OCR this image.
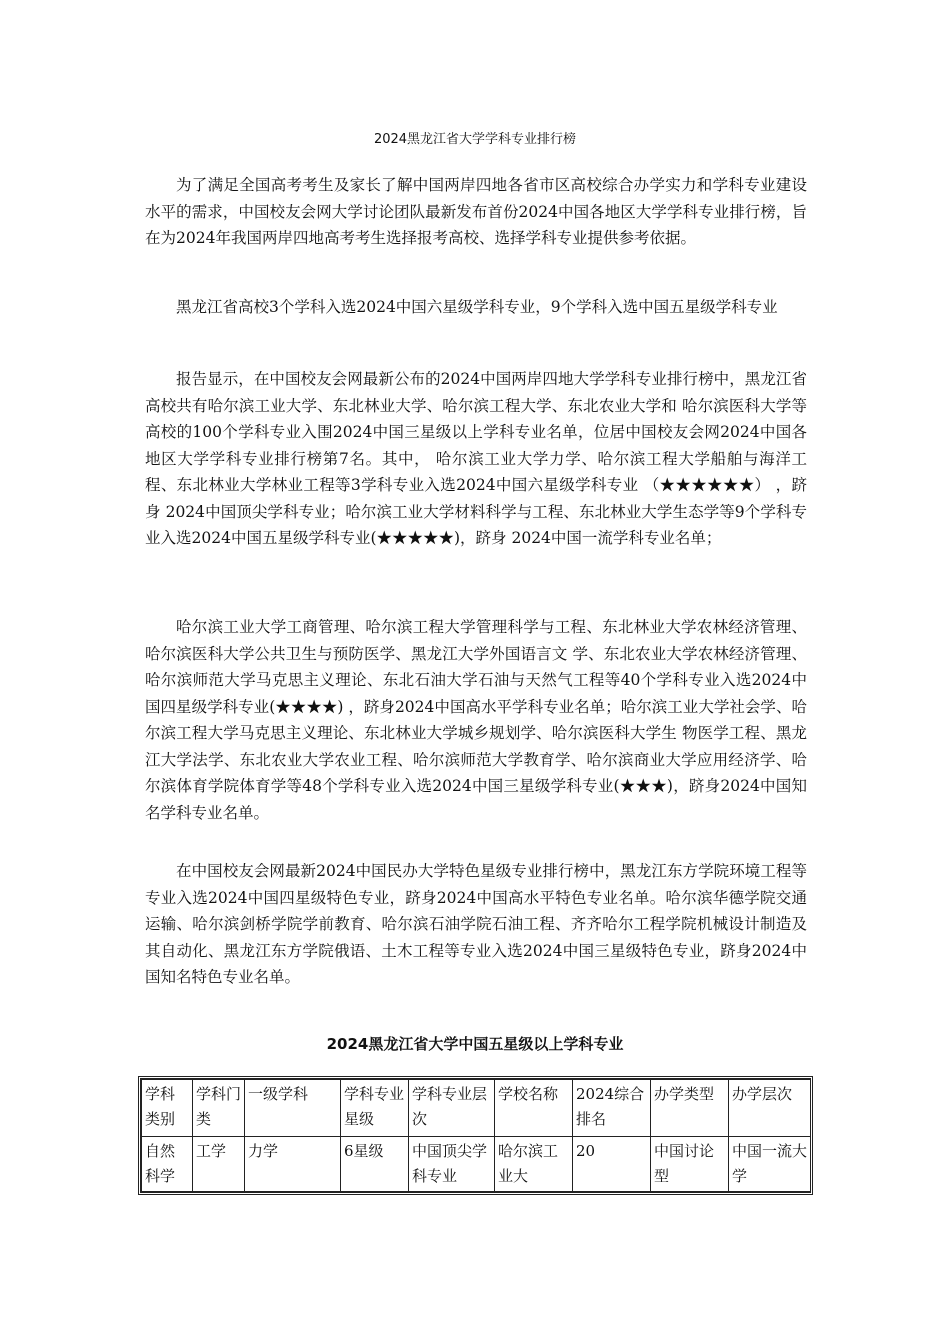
2024黑龙江省大学学科专业排行榜

为了满足全国高考考生及家长了解中国两岸四地各省市区高校综合办学实力和学科专业建设水平的需求，中国校友会网大学讨论团队最新发布首份2024中国各地区大学学科专业排行榜，旨在为2024年我国两岸四地高考考生选择报考高校、选择学科专业提供参考依据。

黑龙江省高校3个学科入选2024中国六星级学科专业，9个学科入选中国五星级学科专业

报告显示，在中国校友会网最新公布的2024中国两岸四地大学学科专业排行榜中，黑龙江省高校共有哈尔滨工业大学、东北林业大学、哈尔滨工程大学、东北农业大学和 哈尔滨医科大学等高校的100个学科专业入围2024中国三星级以上学科专业名单，位居中国校友会网2024中国各地区大学学科专业排行榜第7名。其中， 哈尔滨工业大学力学、哈尔滨工程大学船舶与海洋工程、东北林业大学林业工程等3学科专业入选2024中国六星级学科专业 （★★★★★★） ，跻身 2024中国顶尖学科专业；哈尔滨工业大学材料科学与工程、东北林业大学生态学等9个学科专业入选2024中国五星级学科专业(★★★★★)，跻身 2024中国一流学科专业名单；

哈尔滨工业大学工商管理、哈尔滨工程大学管理科学与工程、东北林业大学农林经济管理、哈尔滨医科大学公共卫生与预防医学、黑龙江大学外国语言文 学、东北农业大学农林经济管理、哈尔滨师范大学马克思主义理论、东北石油大学石油与天然气工程等40个学科专业入选2024中国四星级学科专业(★★★★) ，跻身2024中国高水平学科专业名单；哈尔滨工业大学社会学、哈尔滨工程大学马克思主义理论、东北林业大学城乡规划学、哈尔滨医科大学生 物医学工程、黑龙江大学法学、东北农业大学农业工程、哈尔滨师范大学教育学、哈尔滨商业大学应用经济学、哈尔滨体育学院体育学等48个学科专业入选2024中国三星级学科专业(★★★)，跻身2024中国知名学科专业名单。

在中国校友会网最新2024中国民办大学特色星级专业排行榜中，黑龙江东方学院环境工程等专业入选2024中国四星级特色专业，跻身2024中国高水平特色专业名单。哈尔滨华德学院交通运输、哈尔滨剑桥学院学前教育、哈尔滨石油学院石油工程、齐齐哈尔工程学院机械设计制造及其自动化、黑龙江东方学院俄语、土木工程等专业入选2024中国三星级特色专业，跻身2024中国知名特色专业名单。

2024黑龙江省大学中国五星级以上学科专业
学科类别	学科门类	一级学科	学科专业星级	学科专业层次	学校名称	2024综合排名	办学类型	办学层次
自然科学	工学	力学	6星级	中国顶尖学科专业	哈尔滨工业大	20	中国讨论型	中国一流大学
